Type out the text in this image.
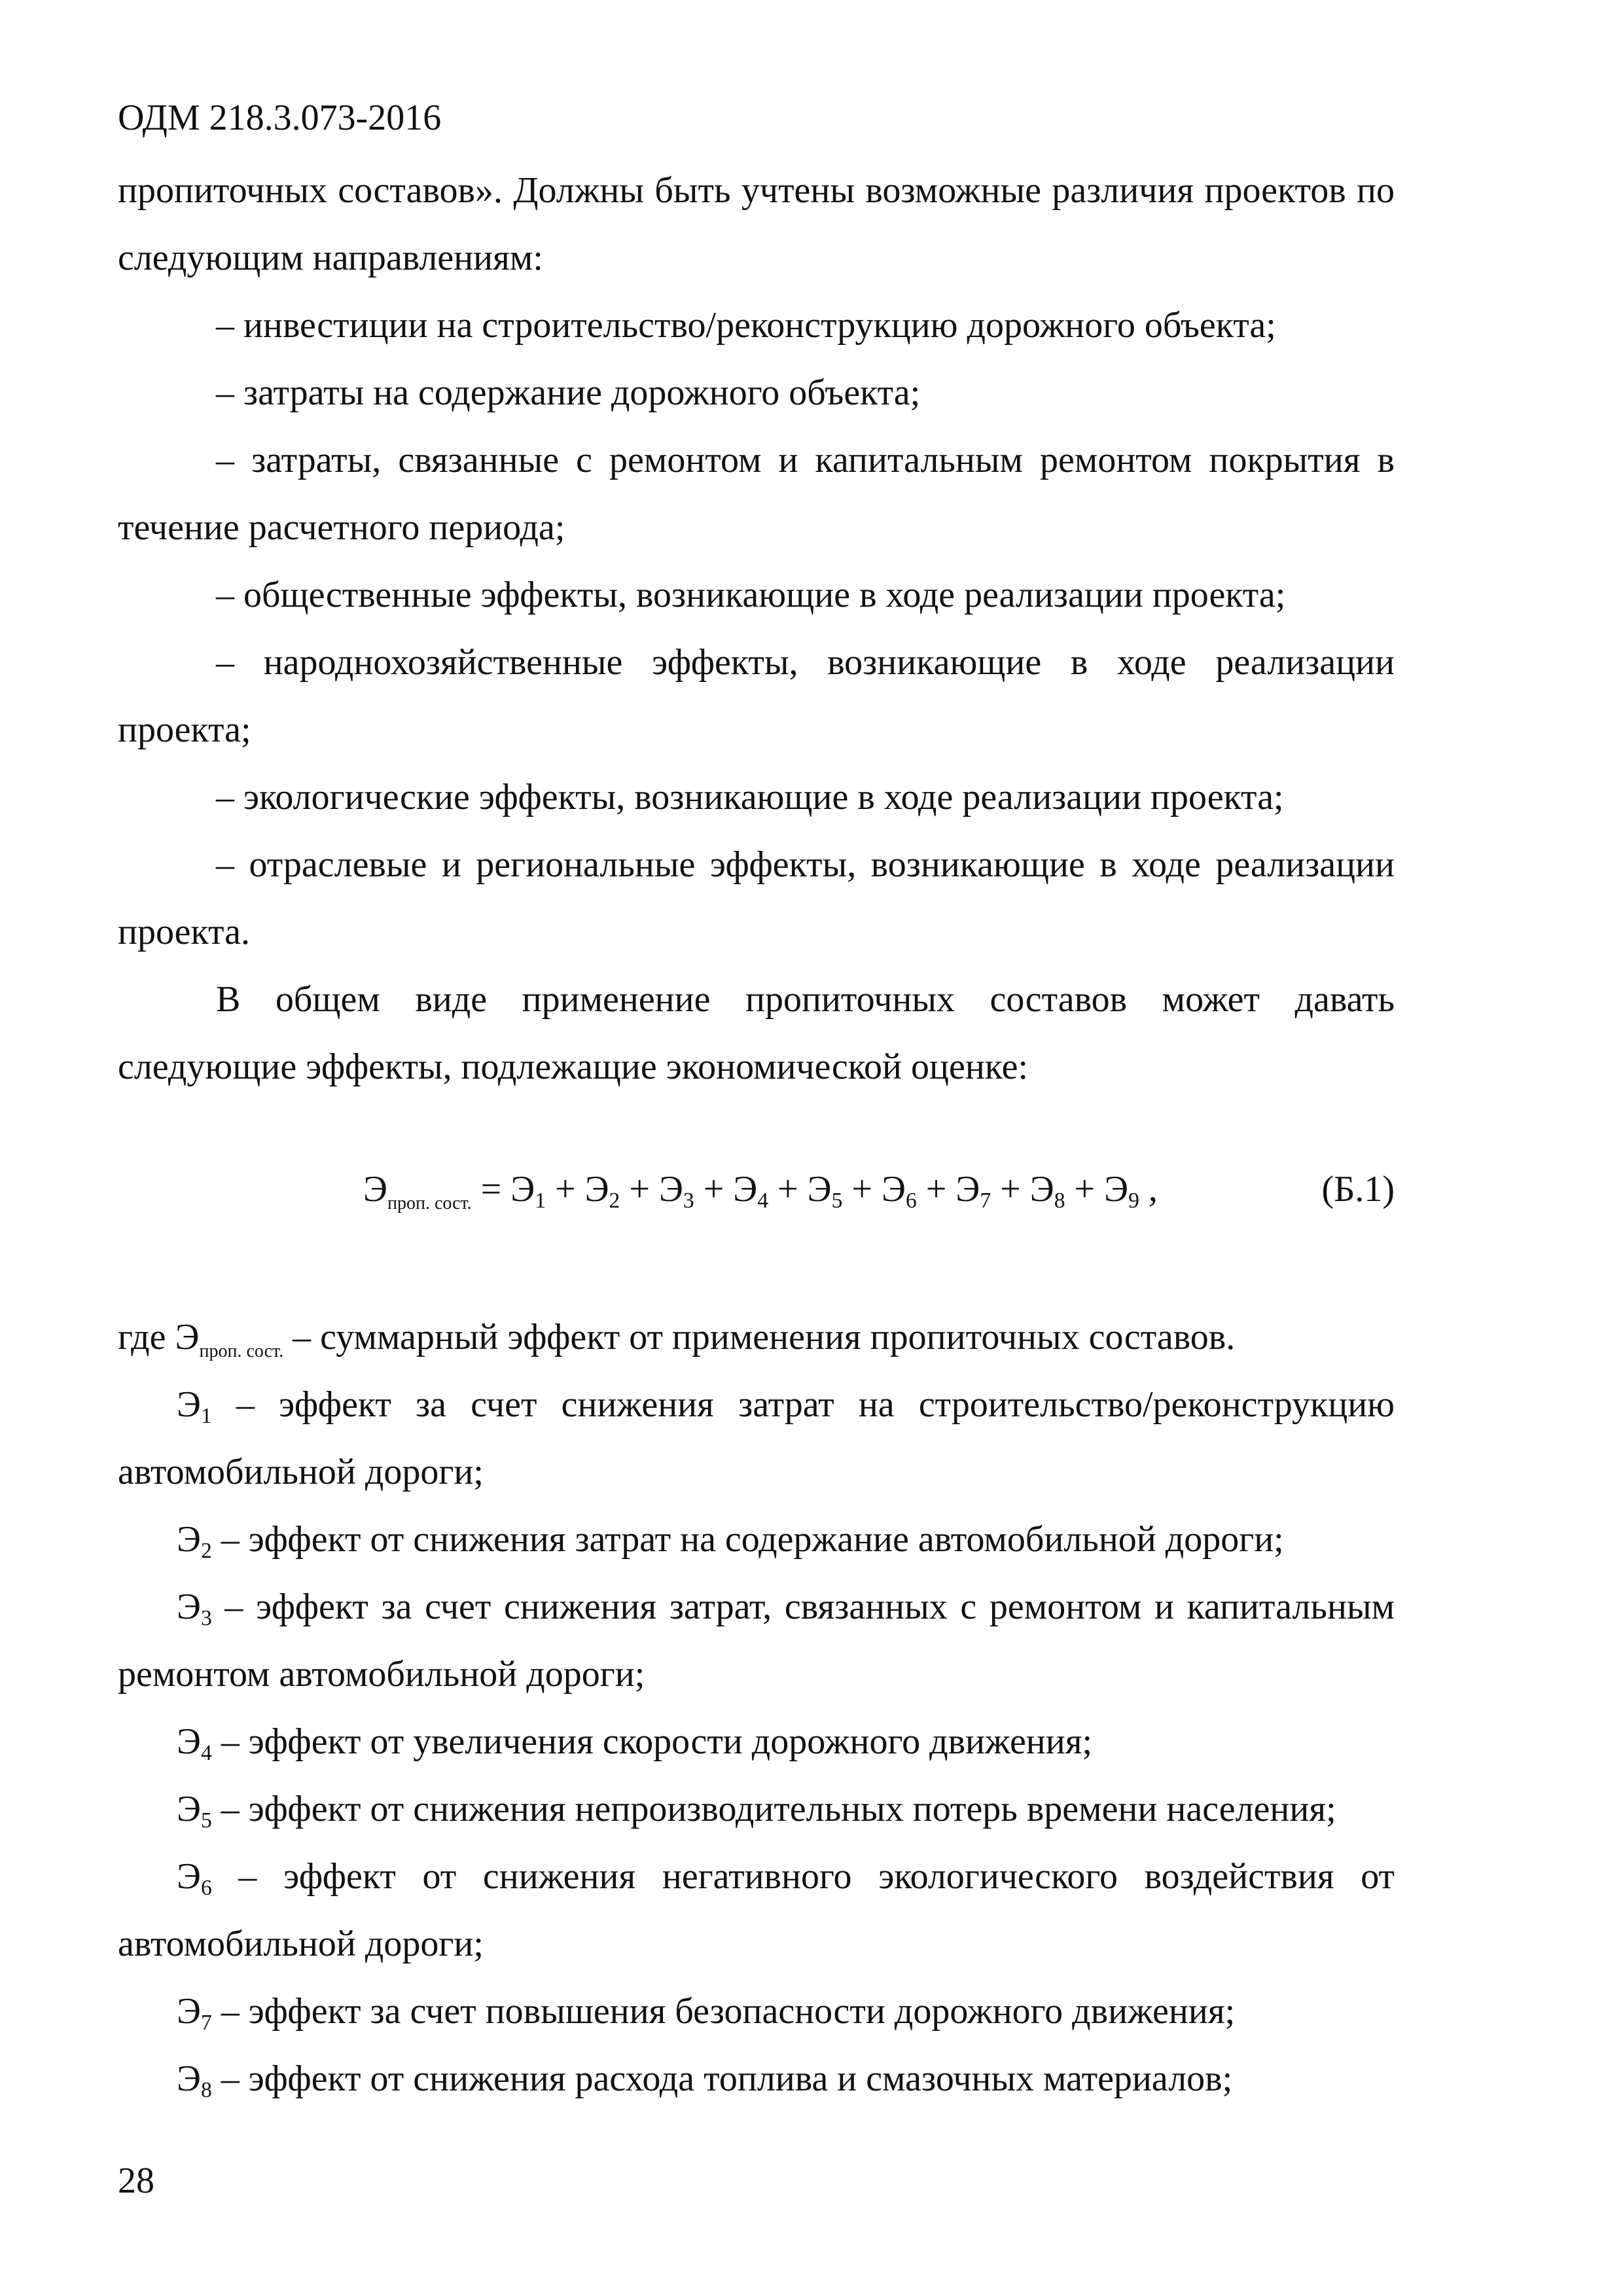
ОДМ 218.3.073-2016

пропиточных составов». Должны быть учтены возможные различия проектов по следующим направлениям:

– инвестиции на строительство/реконструкцию дорожного объекта;

– затраты на содержание дорожного объекта;

– затраты, связанные с ремонтом и капитальным ремонтом покрытия в течение расчетного периода;

– общественные эффекты, возникающие в ходе реализации проекта;

– народнохозяйственные эффекты, возникающие в ходе реализации проекта;

– экологические эффекты, возникающие в ходе реализации проекта;

– отраслевые и региональные эффекты, возникающие в ходе реализации проекта.

В общем виде применение пропиточных составов может давать следующие эффекты, подлежащие экономической оценке:

$Э_{проп. сост.} = Э_1 + Э_2 + Э_3 + Э_4 + Э_5 + Э_6 + Э_7 + Э_8 + Э_9$ ,	(Б.1)

где $Э_{проп. сост.}$ – суммарный эффект от применения пропиточных составов.

$Э_1$ – эффект за счет снижения затрат на строительство/реконструкцию автомобильной дороги;

$Э_2$ – эффект от снижения затрат на содержание автомобильной дороги;

$Э_3$ – эффект за счет снижения затрат, связанных с ремонтом и капитальным ремонтом автомобильной дороги;

$Э_4$ – эффект от увеличения скорости дорожного движения;

$Э_5$ – эффект от снижения непроизводительных потерь времени населения;

$Э_6$ – эффект от снижения негативного экологического воздействия от автомобильной дороги;

$Э_7$ – эффект за счет повышения безопасности дорожного движения;

$Э_8$ – эффект от снижения расхода топлива и смазочных материалов;

28
